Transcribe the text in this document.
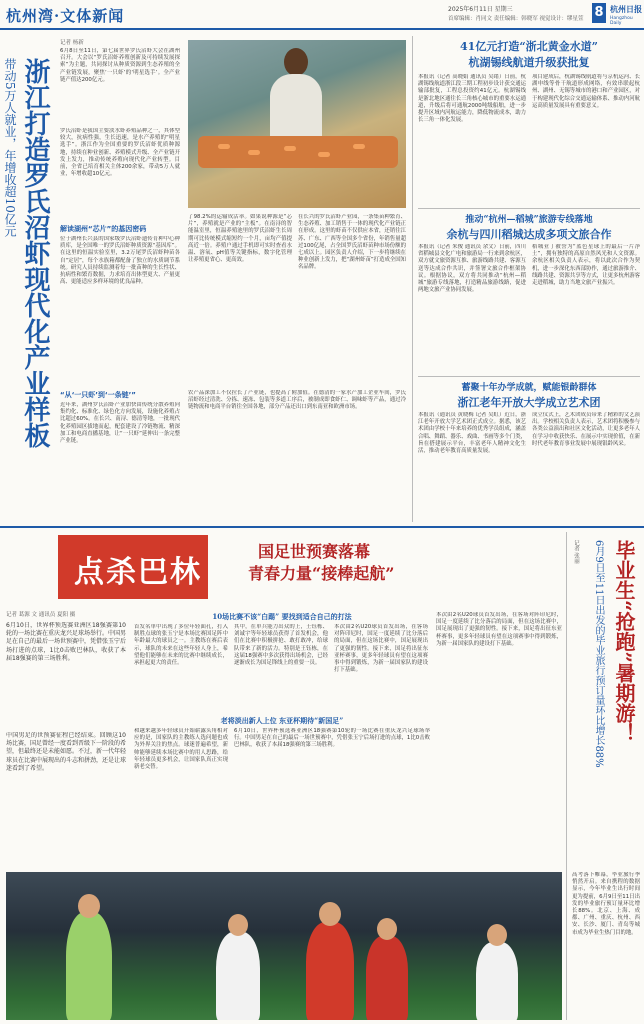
杭州湾·文体新闻	2025年6月11日 星期三
首席编辑：肖同文 责任编辑：韩晓军 视觉设计：缪星萱 8 杭州日报
Hangzhou Daily
记者 杨新
浙江打造罗氏沼虾现代化产业样板
带动5万人就业，年增收超10亿元
6月8日至11日，第七届世界罗氏沼虾大会在湖州召开。大会以“罗氏沼虾养殖创新及可持续发展探索”为主题，共同探讨从种质资源到生态养殖的全产业链发展，聚焦‘一只虾’的‘明星选手’。全产业链产值达200亿元。
罗氏沼虾是我国主要淡水虾养殖品种之一，其体型较大，抗病性强，生长迅速，是水产养殖的“明星选手”。浙江作为全国重要的罗氏沼虾优质种源地，持续在种业创新、养殖模式升级、全产业链开发上发力，推动传统养殖向现代化产业转型。目前，全省已培育相关主体200余家，带动5万人就业，年增收超10亿元。
解读湖州“芯片”的基因密码
位于湖州长兴县的国家级罗氏沼虾遗传育种中心种质库，是全国唯一的罗氏沼虾种质资源“基因库”。在这里的恒温实验室里，3.2万尾罗氏沼虾种苗各自“定居”，每个水族箱都配备了独立的水质调节系统。研究人员持续监测着每一批苗种的生长性状、抗病性和繁育数据，力求培育出体型更大、产量更高、更能适应多样环境的优良品种。
了98.2%的运输成活率。如果说种源是“芯片”，养殖就是产业的“主板”。在南浔的智能温室里，恒温养殖池里的罗氏沼虾生长周期可比传统模式缩短约一个月，亩均产值提高近一倍。养殖户通过手机即可实时查看水温、溶氧、pH值等关键指标，数字化管理让养殖更省心、更高效。
在长兴的罗氏沼虾产业园，一条集苗种繁育、生态养殖、加工销售于一体的现代化产业链正在形成。这里的虾苗不仅供应本省，还销往江苏、广东、广西等全国多个省份，年销售量超过100亿尾，占全国罗氏沼虾苗种市场份额的七成以上。园区负责人介绍，下一步将继续在种业创新上发力，把“湖州虾苗”打造成全国知名品牌。
“从‘一只虾’到‘一条链’”
近年来，湖州罗氏沼虾产业加快由传统分散养殖向集约化、标准化、绿色化方向发展，设施化养殖占比超过60%。在长兴、南浔、德清等地，一批现代化养殖园区拔地而起，配套建设了冷链物流、精深加工和电商直播基地，让“一只虾”延伸出一条完整产业链。
农产品深加工不仅拉长了产业链，也提高了附加值。在德清的一家水产加工企业车间，罗氏沼虾经过清洗、分拣、速冻、包装等多道工序后，被制成即食虾仁、调味虾等产品，通过冷链物流和电商平台销往全国各地，部分产品还出口到东南亚和欧洲市场。
41亿元打造“浙北黄金水道”
杭湖锡线航道升级获批复
本报讯（记者 高晓娟 通讯员 吴绪）日前，杭湖锡线航道浙江段三期工程初步设计获交通运输部批复，工程总投资约41亿元。杭湖锡线是浙北地区通往长三角核心城市的重要水运通道，升级后将可通航2000吨级船舶，进一步提升区域内河航运能力，降低物流成本，助力长三角一体化发展。
项目建成后，杭湖锡线航道将与京杭运河、长湖申线等骨干航道形成网络，有效串联起杭州、湖州、无锡等城市的港口和产业园区，对于构建现代化综合交通运输体系、推动内河航运高质量发展具有重要意义。
推动“杭州—稻城”旅游专线落地
余杭与四川稻城达成多项文旅合作
本报讯（记者 朱俊 通讯员 余文）日前，四川省稻城县文化广电和旅游局一行来到余杭区，双方就文旅资源互推、旅游线路共建、客源互送等达成合作共识，并签署文旅合作框架协议。根据协议，双方将共同推动“杭州—稻城”旅游专线落地，打造精品旅游线路，促进两地文旅产业协同发展。
稻城亚丁被誉为“蓝色星球上的最后一片净土”，拥有独特的高原自然风光和人文资源。余杭区相关负责人表示，将以此次合作为契机，进一步深化东西部协作，通过旅游推介、线路共建、资源共享等方式，让更多杭州游客走进稻城，助力当地文旅产业振兴。
蓄聚十年办学成就，赋能银龄群体
浙江老年开放大学成立艺术团
本报讯（通讯员 黄晓梅 记者 吴虹）近日，浙江老年开放大学艺术团正式成立。据悉，该艺术团由学校十年来培养的优秀学员组成，涵盖合唱、舞蹈、器乐、戏曲、书画等多个门类，旨在搭建展示平台，丰富老年人精神文化生活，推动老年教育高质量发展。
成立仪式上，艺术团成员带来了精彩的文艺演出。学校相关负责人表示，艺术团将积极参与各类公益演出和社区文化活动，让更多老年人在学习中收获快乐、在展示中实现价值，在新时代老年教育事业发展中展现银龄风采。
点杀巴林
国足世预赛落幕
青春力量“接棒起航”
记者 葛源 文 通讯员 夏阳 摄
6月10日，世界杯预选赛亚洲区18强赛第10轮的一场比赛在重庆龙兴足球场举行。中国男足在自己的最后一场世预赛中，凭借张玉宁后场打进的点球，1比0击败巴林队，收获了本届18强赛的第三场胜利。
中国男足的世预赛征程已经结束。回顾这10场比赛，国足曾经一度看到晋级下一阶段的希望，但最终还是未能如愿。不过，新一代年轻球员在比赛中展现出的斗志和拼劲，还是让球迷看到了希望。
10场比赛不该“白踢” 要找到适合自己的打法
首发名单中出现了多位年轻面孔，打入制胜点球的张玉宁是本场比赛国足阵中年龄最大的球员之一。主教练在赛后表示，球队的未来在这些年轻人身上，希望他们能够在未来的比赛中继续成长，承担起更大的责任。
其中，在单兵能力出众的上，王钰栋、刘诚宇等年轻球员获得了首发机会，他们在比赛中积极拼抢、敢打敢冲，给球队带来了新的活力。特别是王钰栋，在这届18强赛中多次获得出场机会，已经逐渐成长为国足锋线上的重要一员。
本次由2名U20球员首发出场，在客场对阵印尼时，国足一度延续了比分落后的局面，但在这场比赛中，国足展现出了更强的韧性。接下来，国足将出征东亚杯赛事，更多年轻球员有望在这项赛事中得到锻炼，为新一届国家队的建设打下基础。
老将淡出新人上位 东亚杯期待“新国足”
和越来越多年轻球员开始崭露头角相对应的是，国家队的主教练人选问题也成为外界关注的焦点。球迷普遍希望，新帅能够延续本场比赛中的用人思路，给年轻球员更多机会，让国家队真正实现新老交替。
6月10日，世界杯预选赛亚洲区18强赛第10轮的一场比赛在重庆龙兴足球场举行。中国男足在自己的最后一场世预赛中，凭借张玉宁后场打进的点球，1比0击败巴林队，收获了本届18强赛的第三场胜利。
本次由2名U20球员首发出场，在客场对阵印尼时，国足一度延续了比分落后的局面，但在这场比赛中，国足展现出了更强的韧性。接下来，国足将出征东亚杯赛事，更多年轻球员有望在这项赛事中得到锻炼，为新一届国家队的建设打下基础。	毕业生“抢跑”暑期游！
6月9日至11日出发的毕业旅行预订量环比增长88%
记者 张丽
高考落下帷幕，毕业旅行季悄然开启。来自携程的数据显示，今年毕业生出行时间更为提前，6月9日至11日出发的毕业旅行预订量环比增长88%。北京、上海、成都、广州、重庆、杭州、西安、长沙、厦门、青岛等城市成为毕业生热门目的地。
